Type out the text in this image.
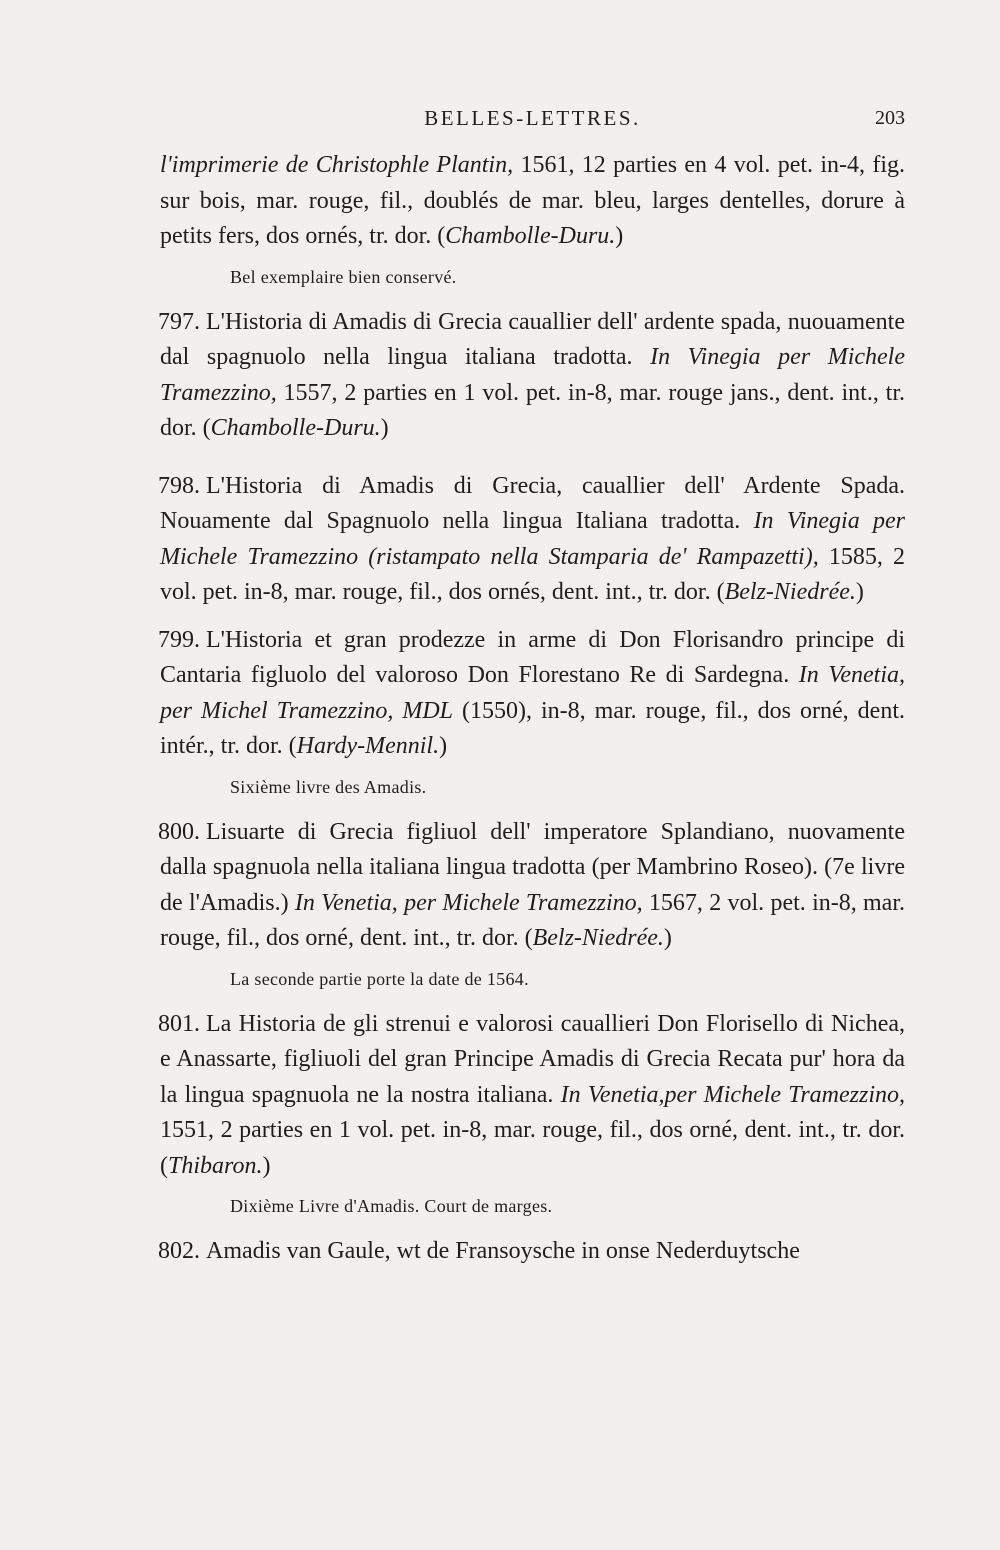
BELLES-LETTRES.	203

l'imprimerie de Christophle Plantin, 1561, 12 parties en 4 vol. pet. in-4, fig. sur bois, mar. rouge, fil., doublés de mar. bleu, larges dentelles, dorure à petits fers, dos ornés, tr. dor. (Chambolle-Duru.)

Bel exemplaire bien conservé.

797. L'Historia di Amadis di Grecia cauallier dell' ardente spada, nuouamente dal spagnuolo nella lingua italiana tradotta. In Vinegia per Michele Tramezzino, 1557, 2 parties en 1 vol. pet. in-8, mar. rouge jans., dent. int., tr. dor. (Chambolle-Duru.)

798. L'Historia di Amadis di Grecia, cauallier dell' Ardente Spada. Nouamente dal Spagnuolo nella lingua Italiana tradotta. In Vinegia per Michele Tramezzino (ristampato nella Stamparia de' Rampazetti), 1585, 2 vol. pet. in-8, mar. rouge, fil., dos ornés, dent. int., tr. dor. (Belz-Niedrée.)

799. L'Historia et gran prodezze in arme di Don Florisandro principe di Cantaria figluolo del valoroso Don Florestano Re di Sardegna. In Venetia, per Michel Tramezzino, MDL (1550), in-8, mar. rouge, fil., dos orné, dent. intér., tr. dor. (Hardy-Mennil.)

Sixième livre des Amadis.

800. Lisuarte di Grecia figliuol dell' imperatore Splandiano, nuovamente dalla spagnuola nella italiana lingua tradotta (per Mambrino Roseo). (7e livre de l'Amadis.) In Venetia, per Michele Tramezzino, 1567, 2 vol. pet. in-8, mar. rouge, fil., dos orné, dent. int., tr. dor. (Belz-Niedrée.)

La seconde partie porte la date de 1564.

801. La Historia de gli strenui e valorosi cauallieri Don Florisello di Nichea, e Anassarte, figliuoli del gran Principe Amadis di Grecia Recata pur' hora da la lingua spagnuola ne la nostra italiana. In Venetia,per Michele Tramezzino, 1551, 2 parties en 1 vol. pet. in-8, mar. rouge, fil., dos orné, dent. int., tr. dor. (Thibaron.)

Dixième Livre d'Amadis. Court de marges.

802. Amadis van Gaule, wt de Fransoysche in onse Nederduytsche
